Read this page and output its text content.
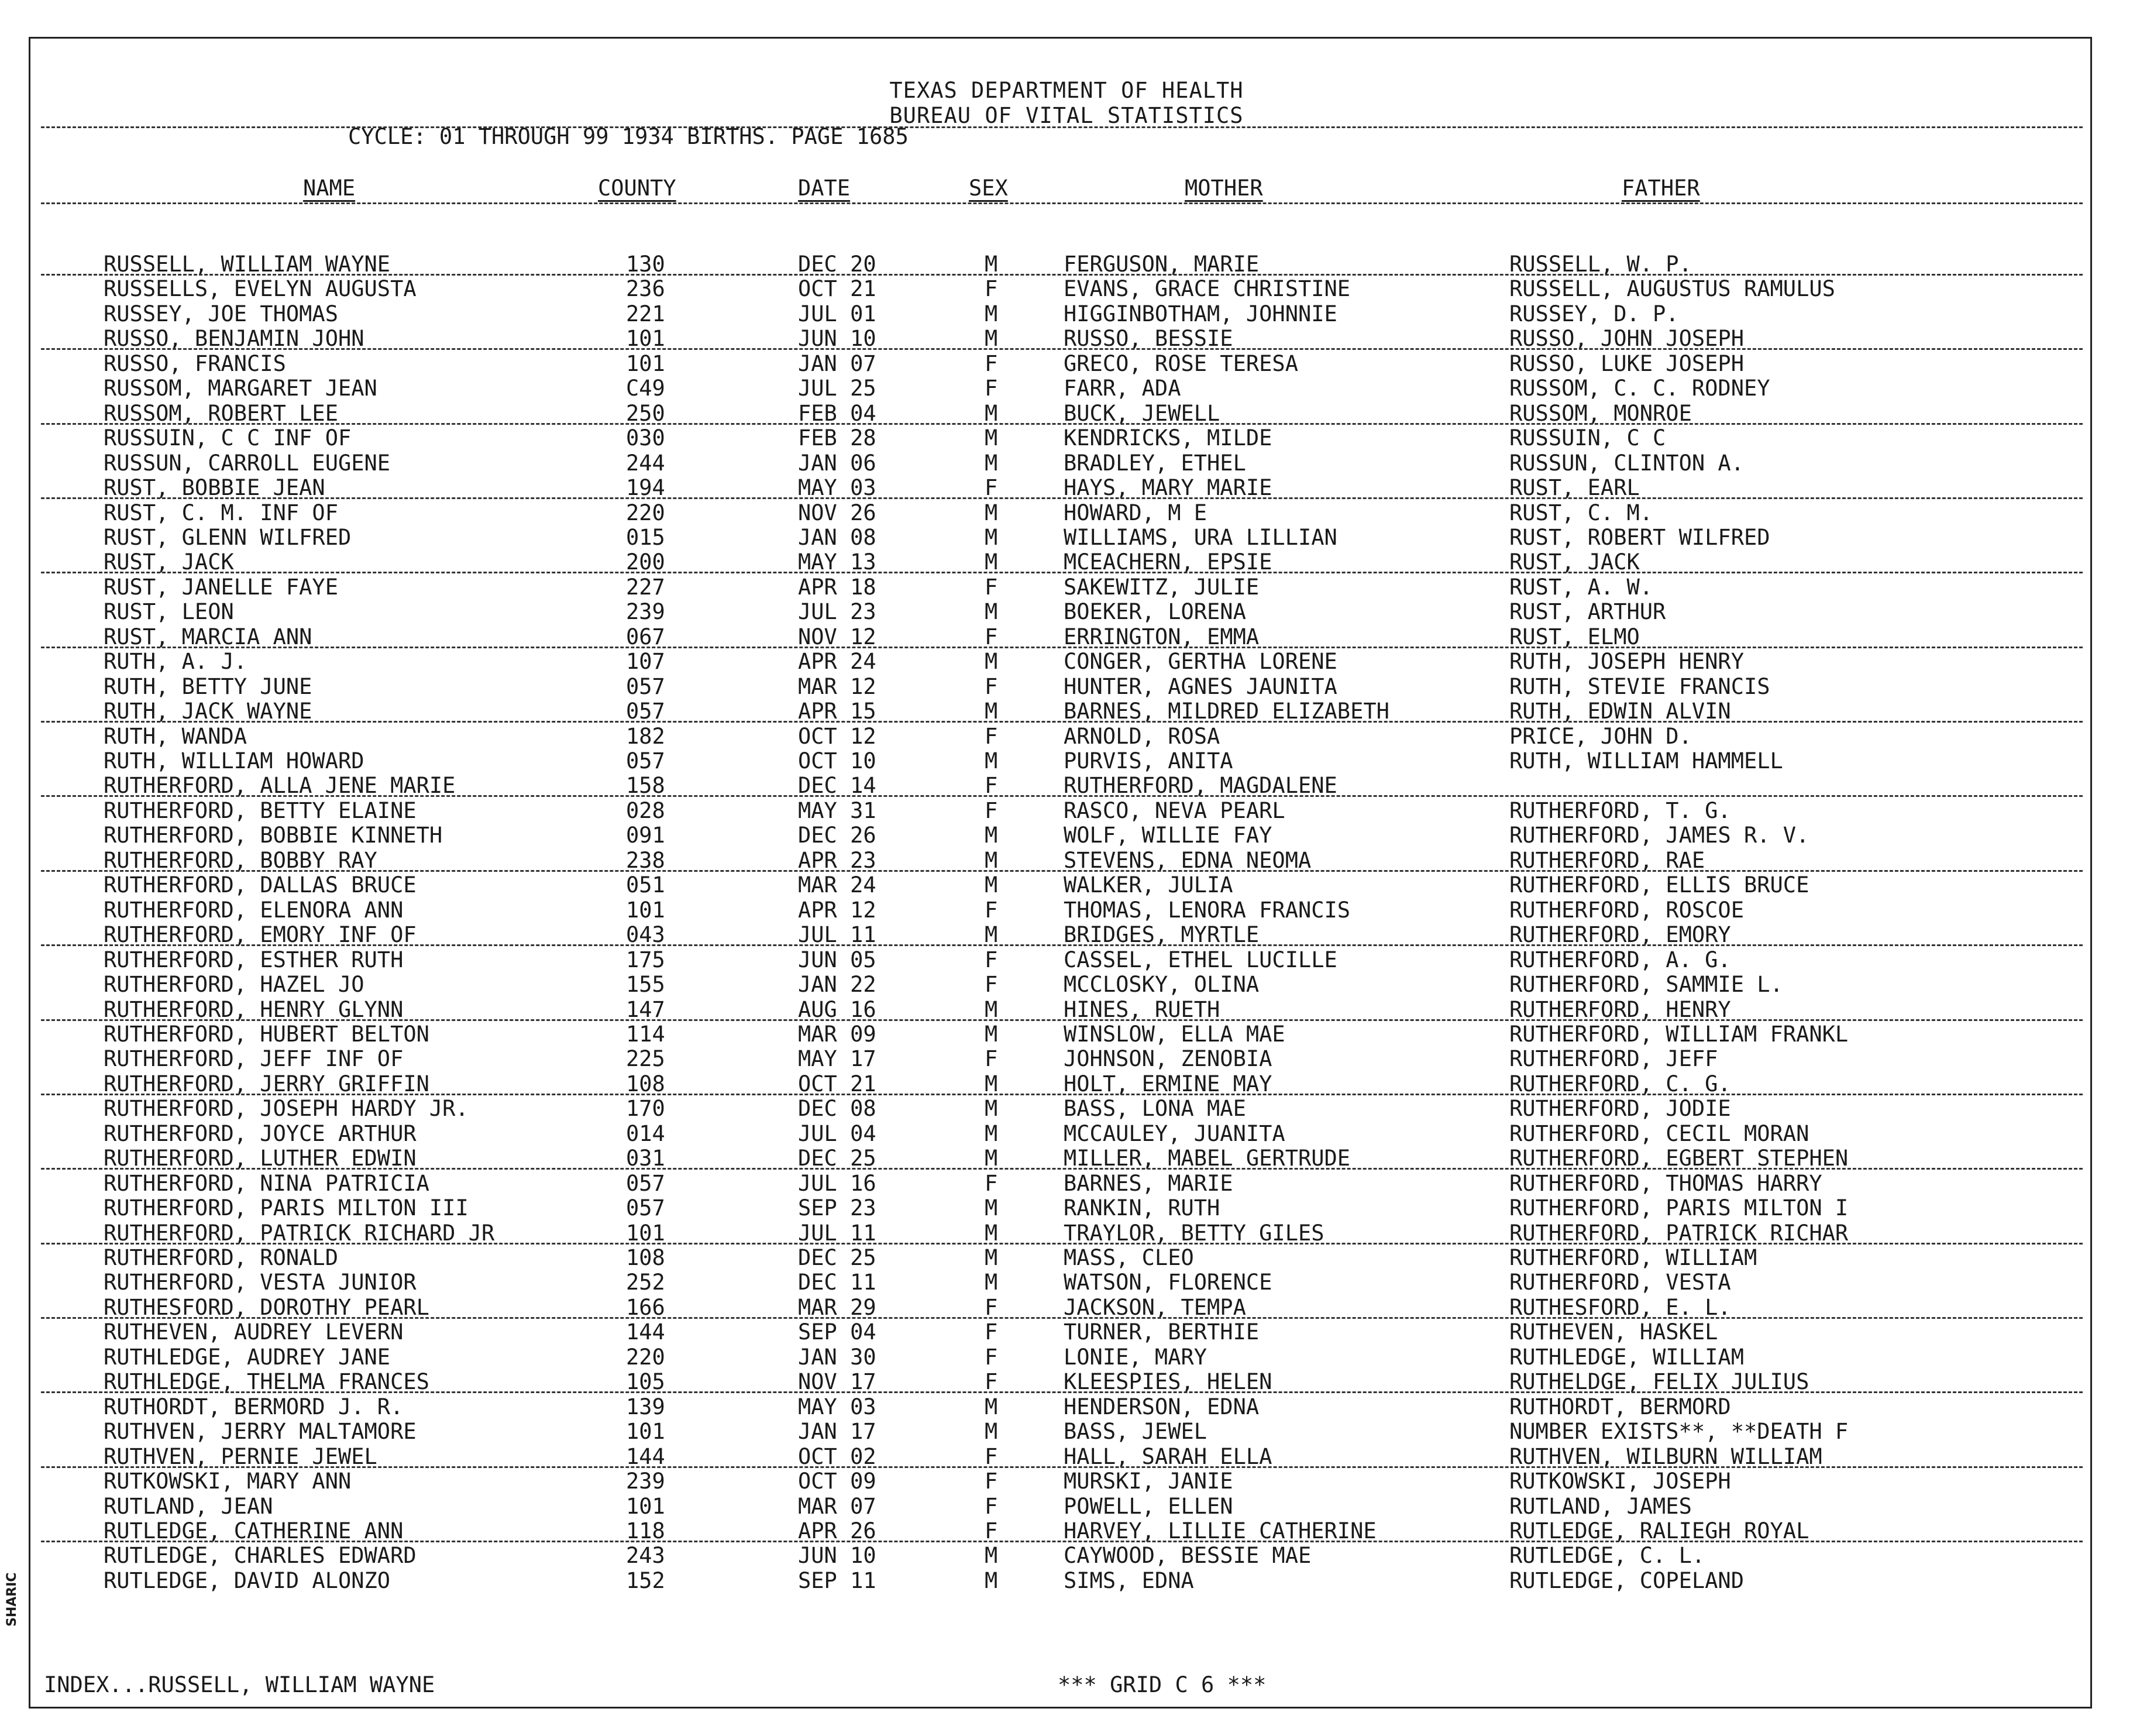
TEXAS DEPARTMENT OF HEALTH
BUREAU OF VITAL STATISTICS
CYCLE: 01 THROUGH 99 1934 BIRTHS. PAGE 1685
NAME	COUNTY	DATE	SEX	MOTHER	FATHER
RUSSELL, WILLIAM WAYNE	130	DEC 20	M	FERGUSON, MARIE	RUSSELL, W. P.
RUSSELLS, EVELYN AUGUSTA	236	OCT 21	F	EVANS, GRACE CHRISTINE	RUSSELL, AUGUSTUS RAMULUS
RUSSEY, JOE THOMAS	221	JUL 01	M	HIGGINBOTHAM, JOHNNIE	RUSSEY, D. P.
RUSSO, BENJAMIN JOHN	101	JUN 10	M	RUSSO, BESSIE	RUSSO, JOHN JOSEPH
RUSSO, FRANCIS	101	JAN 07	F	GRECO, ROSE TERESA	RUSSO, LUKE JOSEPH
RUSSOM, MARGARET JEAN	C49	JUL 25	F	FARR, ADA	RUSSOM, C. C. RODNEY
RUSSOM, ROBERT LEE	250	FEB 04	M	BUCK, JEWELL	RUSSOM, MONROE
RUSSUIN, C C INF OF	030	FEB 28	M	KENDRICKS, MILDE	RUSSUIN, C C
RUSSUN, CARROLL EUGENE	244	JAN 06	M	BRADLEY, ETHEL	RUSSUN, CLINTON A.
RUST, BOBBIE JEAN	194	MAY 03	F	HAYS, MARY MARIE	RUST, EARL
RUST, C. M. INF OF	220	NOV 26	M	HOWARD, M E	RUST, C. M.
RUST, GLENN WILFRED	015	JAN 08	M	WILLIAMS, URA LILLIAN	RUST, ROBERT WILFRED
RUST, JACK	200	MAY 13	M	MCEACHERN, EPSIE	RUST, JACK
RUST, JANELLE FAYE	227	APR 18	F	SAKEWITZ, JULIE	RUST, A. W.
RUST, LEON	239	JUL 23	M	BOEKER, LORENA	RUST, ARTHUR
RUST, MARCIA ANN	067	NOV 12	F	ERRINGTON, EMMA	RUST, ELMO
RUTH, A. J.	107	APR 24	M	CONGER, GERTHA LORENE	RUTH, JOSEPH HENRY
RUTH, BETTY JUNE	057	MAR 12	F	HUNTER, AGNES JAUNITA	RUTH, STEVIE FRANCIS
RUTH, JACK WAYNE	057	APR 15	M	BARNES, MILDRED ELIZABETH	RUTH, EDWIN ALVIN
RUTH, WANDA	182	OCT 12	F	ARNOLD, ROSA	PRICE, JOHN D.
RUTH, WILLIAM HOWARD	057	OCT 10	M	PURVIS, ANITA	RUTH, WILLIAM HAMMELL
RUTHERFORD, ALLA JENE MARIE	158	DEC 14	F	RUTHERFORD, MAGDALENE
RUTHERFORD, BETTY ELAINE	028	MAY 31	F	RASCO, NEVA PEARL	RUTHERFORD, T. G.
RUTHERFORD, BOBBIE KINNETH	091	DEC 26	M	WOLF, WILLIE FAY	RUTHERFORD, JAMES R. V.
RUTHERFORD, BOBBY RAY	238	APR 23	M	STEVENS, EDNA NEOMA	RUTHERFORD, RAE
RUTHERFORD, DALLAS BRUCE	051	MAR 24	M	WALKER, JULIA	RUTHERFORD, ELLIS BRUCE
RUTHERFORD, ELENORA ANN	101	APR 12	F	THOMAS, LENORA FRANCIS	RUTHERFORD, ROSCOE
RUTHERFORD, EMORY INF OF	043	JUL 11	M	BRIDGES, MYRTLE	RUTHERFORD, EMORY
RUTHERFORD, ESTHER RUTH	175	JUN 05	F	CASSEL, ETHEL LUCILLE	RUTHERFORD, A. G.
RUTHERFORD, HAZEL JO	155	JAN 22	F	MCCLOSKY, OLINA	RUTHERFORD, SAMMIE L.
RUTHERFORD, HENRY GLYNN	147	AUG 16	M	HINES, RUETH	RUTHERFORD, HENRY
RUTHERFORD, HUBERT BELTON	114	MAR 09	M	WINSLOW, ELLA MAE	RUTHERFORD, WILLIAM FRANKL
RUTHERFORD, JEFF INF OF	225	MAY 17	F	JOHNSON, ZENOBIA	RUTHERFORD, JEFF
RUTHERFORD, JERRY GRIFFIN	108	OCT 21	M	HOLT, ERMINE MAY	RUTHERFORD, C. G.
RUTHERFORD, JOSEPH HARDY JR.	170	DEC 08	M	BASS, LONA MAE	RUTHERFORD, JODIE
RUTHERFORD, JOYCE ARTHUR	014	JUL 04	M	MCCAULEY, JUANITA	RUTHERFORD, CECIL MORAN
RUTHERFORD, LUTHER EDWIN	031	DEC 25	M	MILLER, MABEL GERTRUDE	RUTHERFORD, EGBERT STEPHEN
RUTHERFORD, NINA PATRICIA	057	JUL 16	F	BARNES, MARIE	RUTHERFORD, THOMAS HARRY
RUTHERFORD, PARIS MILTON III	057	SEP 23	M	RANKIN, RUTH	RUTHERFORD, PARIS MILTON I
RUTHERFORD, PATRICK RICHARD JR	101	JUL 11	M	TRAYLOR, BETTY GILES	RUTHERFORD, PATRICK RICHAR
RUTHERFORD, RONALD	108	DEC 25	M	MASS, CLEO	RUTHERFORD, WILLIAM
RUTHERFORD, VESTA JUNIOR	252	DEC 11	M	WATSON, FLORENCE	RUTHERFORD, VESTA
RUTHESFORD, DOROTHY PEARL	166	MAR 29	F	JACKSON, TEMPA	RUTHESFORD, E. L.
RUTHEVEN, AUDREY LEVERN	144	SEP 04	F	TURNER, BERTHIE	RUTHEVEN, HASKEL
RUTHLEDGE, AUDREY JANE	220	JAN 30	F	LONIE, MARY	RUTHLEDGE, WILLIAM
RUTHLEDGE, THELMA FRANCES	105	NOV 17	F	KLEESPIES, HELEN	RUTHELDGE, FELIX JULIUS
RUTHORDT, BERMORD J. R.	139	MAY 03	M	HENDERSON, EDNA	RUTHORDT, BERMORD
RUTHVEN, JERRY MALTAMORE	101	JAN 17	M	BASS, JEWEL	NUMBER EXISTS**, **DEATH F
RUTHVEN, PERNIE JEWEL	144	OCT 02	F	HALL, SARAH ELLA	RUTHVEN, WILBURN WILLIAM
RUTKOWSKI, MARY ANN	239	OCT 09	F	MURSKI, JANIE	RUTKOWSKI, JOSEPH
RUTLAND, JEAN	101	MAR 07	F	POWELL, ELLEN	RUTLAND, JAMES
RUTLEDGE, CATHERINE ANN	118	APR 26	F	HARVEY, LILLIE CATHERINE	RUTLEDGE, RALIEGH ROYAL
RUTLEDGE, CHARLES EDWARD	243	JUN 10	M	CAYWOOD, BESSIE MAE	RUTLEDGE, C. L.
RUTLEDGE, DAVID ALONZO	152	SEP 11	M	SIMS, EDNA	RUTLEDGE, COPELAND
INDEX...RUSSELL, WILLIAM WAYNE	*** GRID C 6 ***
SHARIC
